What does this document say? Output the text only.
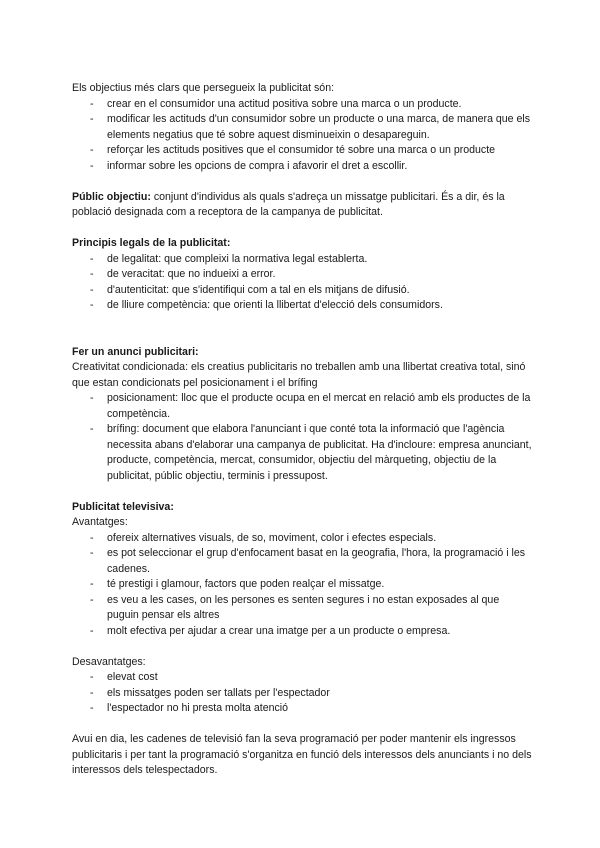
Els objectius més clars que persegueix la publicitat són:

- crear en el consumidor una actitud positiva sobre una marca o un producte.
- modificar les actituds d'un consumidor sobre un producte o una marca, de manera que els elements negatius que té sobre aquest disminueixin o desapareguin.
- reforçar les actituds positives que el consumidor té sobre una marca o un producte
- informar sobre les opcions de compra i afavorir el dret a escollir.

Públic objectiu: conjunt d'individus als quals s'adreça un missatge publicitari. És a dir, és la població designada com a receptora de la campanya de publicitat.

Principis legals de la publicitat:

- de legalitat: que compleixi la normativa legal establerta.
- de veracitat: que no indueixi a error.
- d'autenticitat: que s'identifiqui com a tal en els mitjans de difusió.
- de lliure competència: que orienti la llibertat d'elecció dels consumidors.

Fer un anunci publicitari:

Creativitat condicionada: els creatius publicitaris no treballen amb una llibertat creativa total, sinó que estan condicionats pel posicionament i el brífing

- posicionament: lloc que el producte ocupa en el mercat en relació amb els productes de la competència.
- brífing: document que elabora l'anunciant i que conté tota la informació que l'agència necessita abans d'elaborar una campanya de publicitat. Ha d'incloure: empresa anunciant, producte, competència, mercat, consumidor, objectiu del màrqueting, objectiu de la publicitat, públic objectiu, terminis i pressupost.

Publicitat televisiva:

Avantatges:

- ofereix alternatives visuals, de so, moviment, color i efectes especials.
- es pot seleccionar el grup d'enfocament basat en la geografia, l'hora, la programació i les cadenes.
- té prestigi i glamour, factors que poden realçar el missatge.
- es veu a les cases, on les persones es senten segures i no estan exposades al que puguin pensar els altres
- molt efectiva per ajudar a crear una imatge per a un producte o empresa.

Desavantatges:

- elevat cost
- els missatges poden ser tallats per l'espectador
- l'espectador no hi presta molta atenció

Avui en dia, les cadenes de televisió fan la seva programació per poder mantenir els ingressos publicitaris i per tant la programació s'organitza en funció dels interessos dels anunciants i no dels interessos dels telespectadors.
